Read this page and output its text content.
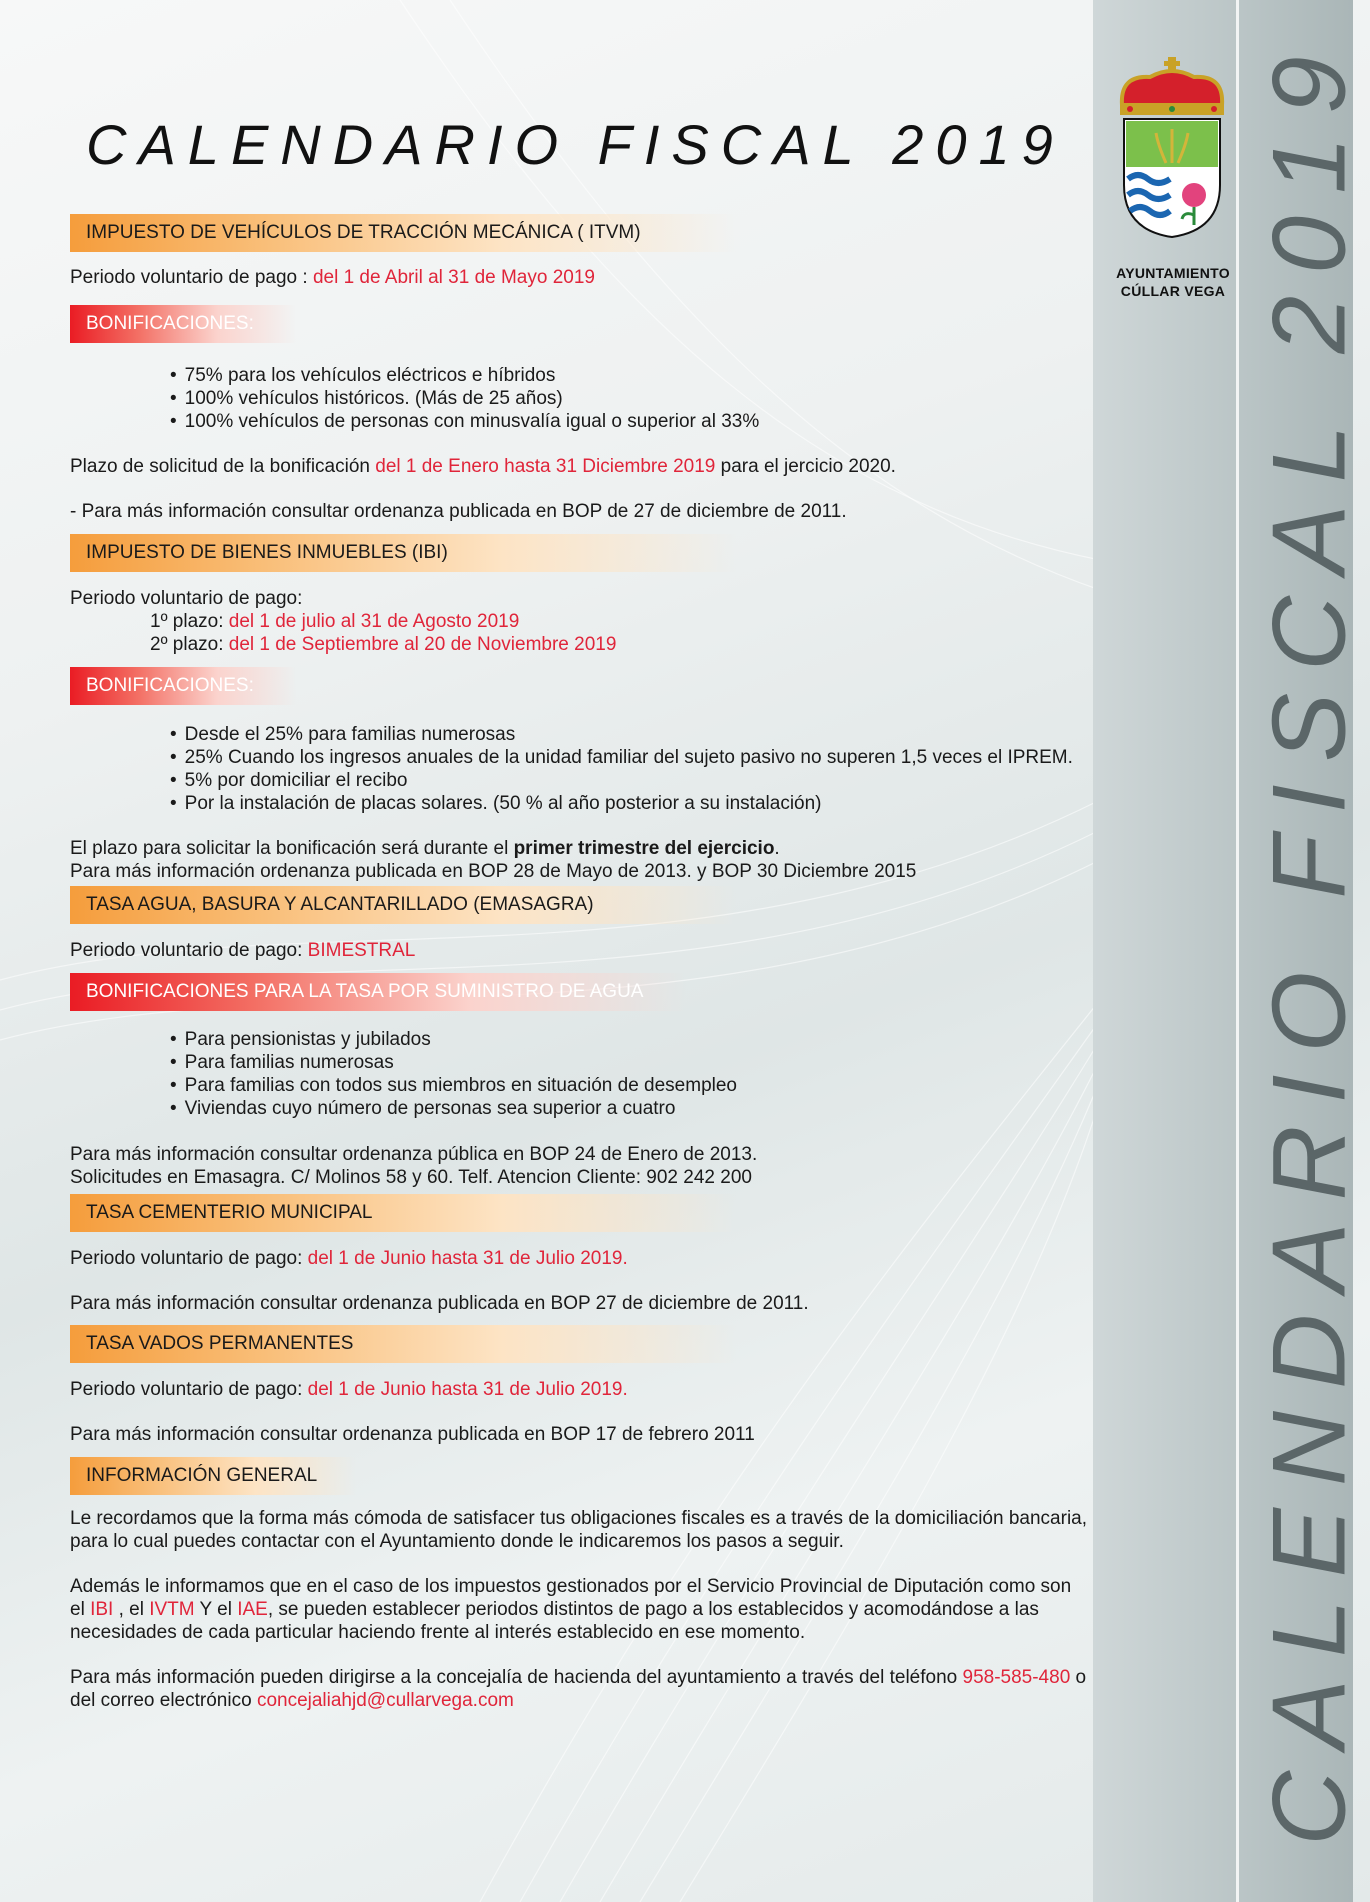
CALENDARIO FISCAL 2019
AYUNTAMIENTO
CÚLLAR VEGA
CALENDARIO FISCAL 2019
IMPUESTO DE VEHÍCULOS DE TRACCIÓN MECÁNICA ( ITVM)

Periodo voluntario de pago : del 1 de Abril al 31 de Mayo 2019

BONIFICACIONES:
• 75% para los vehículos eléctricos e híbridos
• 100% vehículos históricos. (Más de 25 años)
• 100% vehículos de personas con minusvalía igual o superior al 33%

Plazo de solicitud de la bonificación del 1 de Enero hasta 31 Diciembre 2019 para el jercicio 2020.

- Para más información consultar ordenanza publicada en BOP de 27 de diciembre de 2011.

IMPUESTO DE BIENES INMUEBLES (IBI)

Periodo voluntario de pago:

1º plazo: del 1 de julio al 31 de Agosto 2019

2º plazo: del 1 de Septiembre al 20 de Noviembre 2019

BONIFICACIONES:
• Desde el 25% para familias numerosas
• 25% Cuando los ingresos anuales de la unidad familiar del sujeto pasivo no superen 1,5 veces el IPREM.
• 5% por domiciliar el recibo
• Por la instalación de placas solares. (50 % al año posterior a su instalación)

El plazo para solicitar la bonificación será durante el primer trimestre del ejercicio.

Para más información ordenanza publicada en BOP 28 de Mayo de 2013. y BOP 30 Diciembre 2015

TASA AGUA, BASURA Y ALCANTARILLADO (EMASAGRA)

Periodo voluntario de pago: BIMESTRAL

BONIFICACIONES PARA LA TASA POR SUMINISTRO DE AGUA
• Para pensionistas y jubilados
• Para familias numerosas
• Para familias con todos sus miembros en situación de desempleo
• Viviendas cuyo número de personas sea superior a cuatro

Para más información consultar ordenanza pública en BOP 24 de Enero de 2013.

Solicitudes en Emasagra. C/ Molinos 58 y 60. Telf. Atencion Cliente: 902 242 200

TASA CEMENTERIO MUNICIPAL

Periodo voluntario de pago: del 1 de Junio hasta 31 de Julio 2019.

Para más información consultar ordenanza publicada en BOP 27 de diciembre de 2011.

TASA VADOS PERMANENTES

Periodo voluntario de pago: del 1 de Junio hasta 31 de Julio 2019.

Para más información consultar ordenanza publicada en BOP 17 de febrero 2011

INFORMACIÓN GENERAL

Le recordamos que la forma más cómoda de satisfacer tus obligaciones fiscales es a través de la domiciliación bancaria, para lo cual puedes contactar con el Ayuntamiento donde le indicaremos los pasos a seguir.

Además le informamos que en el caso de los impuestos gestionados por el Servicio Provincial de Diputación como son el IBI , el IVTM Y el IAE, se pueden establecer periodos distintos de pago a los establecidos y acomodándose a las necesidades de cada particular haciendo frente al interés establecido en ese momento.

Para más información pueden dirigirse a la concejalía de hacienda del ayuntamiento a través del teléfono 958-585-480 o del correo electrónico concejaliahjd@cullarvega.com
